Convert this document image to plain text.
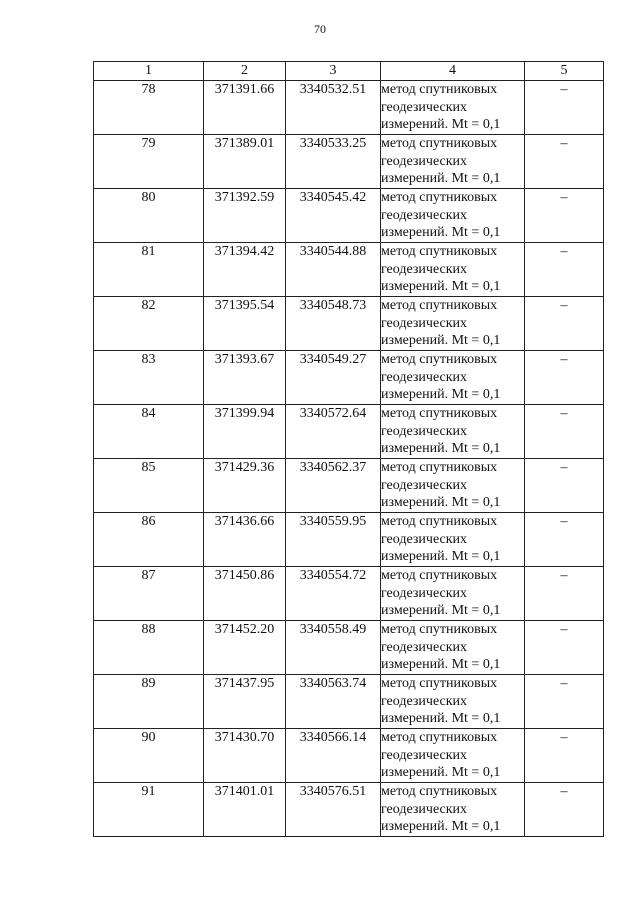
70
1	2	3	4	5
78	371391.66	3340532.51	метод спутниковых
геодезических
измерений. Mt = 0,1	–
79	371389.01	3340533.25	метод спутниковых
геодезических
измерений. Mt = 0,1	–
80	371392.59	3340545.42	метод спутниковых
геодезических
измерений. Mt = 0,1	–
81	371394.42	3340544.88	метод спутниковых
геодезических
измерений. Mt = 0,1	–
82	371395.54	3340548.73	метод спутниковых
геодезических
измерений. Mt = 0,1	–
83	371393.67	3340549.27	метод спутниковых
геодезических
измерений. Mt = 0,1	–
84	371399.94	3340572.64	метод спутниковых
геодезических
измерений. Mt = 0,1	–
85	371429.36	3340562.37	метод спутниковых
геодезических
измерений. Mt = 0,1	–
86	371436.66	3340559.95	метод спутниковых
геодезических
измерений. Mt = 0,1	–
87	371450.86	3340554.72	метод спутниковых
геодезических
измерений. Mt = 0,1	–
88	371452.20	3340558.49	метод спутниковых
геодезических
измерений. Mt = 0,1	–
89	371437.95	3340563.74	метод спутниковых
геодезических
измерений. Mt = 0,1	–
90	371430.70	3340566.14	метод спутниковых
геодезических
измерений. Mt = 0,1	–
91	371401.01	3340576.51	метод спутниковых
геодезических
измерений. Mt = 0,1	–
